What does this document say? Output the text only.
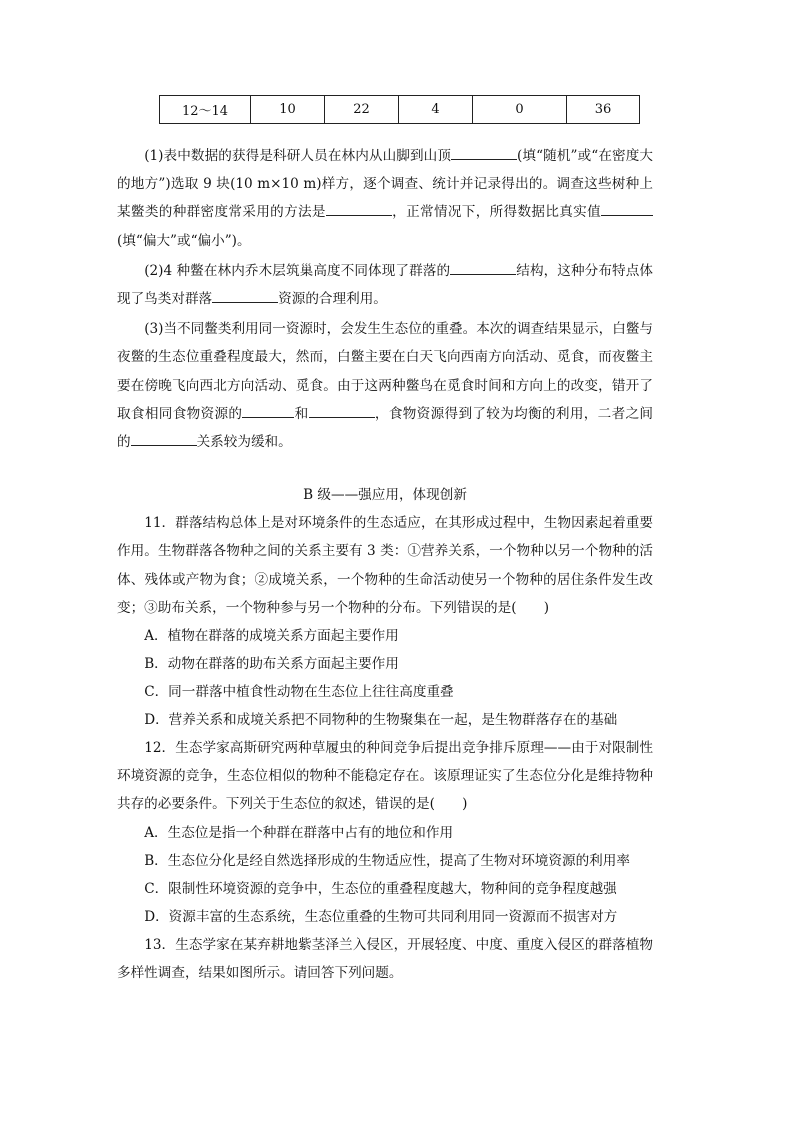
12～14	10	22	4	0	36

(1)表中数据的获得是科研人员在林内从山脚到山顶	(填“随机”或“在密度大的地方”)选取 9 块(10 m×10 m)样方，逐个调查、统计并记录得出的。调查这些树种上某鳖类的种群密度常采用的方法是	，正常情况下，所得数据比真实值(填“偏大”或“偏小”)。

(2)4 种鳖在林内乔木层筑巢高度不同体现了群落的	结构，这种分布特点体现了鸟类对群落	资源的合理利用。

(3)当不同鳖类利用同一资源时，会发生生态位的重叠。本次的调查结果显示，白鳖与夜鳖的生态位重叠程度最大，然而，白鳖主要在白天飞向西南方向活动、觅食，而夜鳖主要在傍晚飞向西北方向活动、觅食。由于这两种鳖鸟在觅食时间和方向上的改变，错开了取食相同食物资源的	和	，食物资源得到了较为均衡的利用，二者之间的	关系较为缓和。

B 级——强应用，体现创新

11．群落结构总体上是对环境条件的生态适应，在其形成过程中，生物因素起着重要作用。生物群落各物种之间的关系主要有 3 类：①营养关系，一个物种以另一个物种的活体、残体或产物为食；②成境关系，一个物种的生命活动使另一个物种的居住条件发生改变；③助布关系，一个物种参与另一个物种的分布。下列错误的是(　　)

A．植物在群落的成境关系方面起主要作用

B．动物在群落的助布关系方面起主要作用

C．同一群落中植食性动物在生态位上往往高度重叠

D．营养关系和成境关系把不同物种的生物聚集在一起，是生物群落存在的基础

12．生态学家高斯研究两种草履虫的种间竞争后提出竞争排斥原理——由于对限制性环境资源的竞争，生态位相似的物种不能稳定存在。该原理证实了生态位分化是维持物种共存的必要条件。下列关于生态位的叙述，错误的是(　　)

A．生态位是指一个种群在群落中占有的地位和作用

B．生态位分化是经自然选择形成的生物适应性，提高了生物对环境资源的利用率

C．限制性环境资源的竞争中，生态位的重叠程度越大，物种间的竞争程度越强

D．资源丰富的生态系统，生态位重叠的生物可共同利用同一资源而不损害对方

13．生态学家在某弃耕地紫茎泽兰入侵区，开展轻度、中度、重度入侵区的群落植物多样性调查，结果如图所示。请回答下列问题。
